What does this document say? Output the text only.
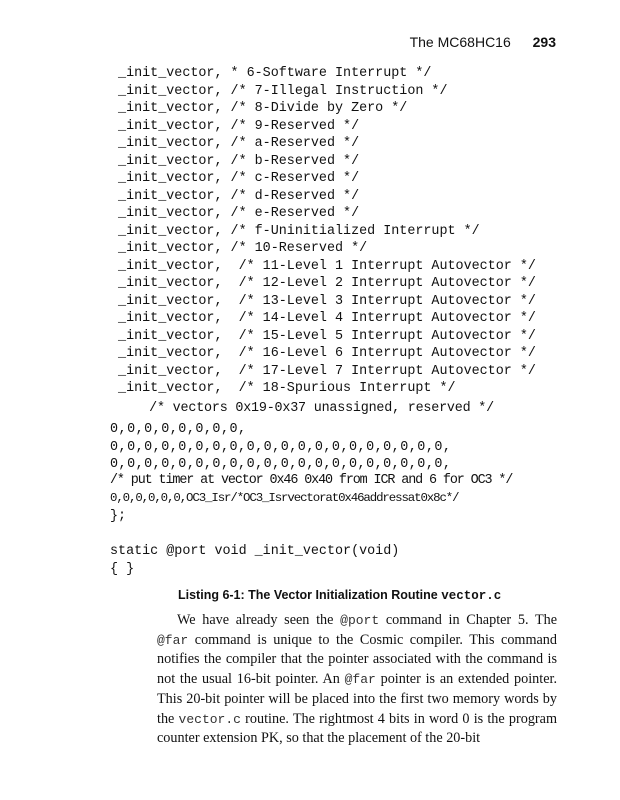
The MC68HC16 293

_init_vector, * 6-Software Interrupt */

_init_vector, /* 7-Illegal Instruction */

_init_vector, /* 8-Divide by Zero */

_init_vector, /* 9-Reserved */

_init_vector, /* a-Reserved */

_init_vector, /* b-Reserved */

_init_vector, /* c-Reserved */

_init_vector, /* d-Reserved */

_init_vector, /* e-Reserved */

_init_vector, /* f-Uninitialized Interrupt */

_init_vector, /* 10-Reserved */

_init_vector,  /* 11-Level 1 Interrupt Autovector */

_init_vector,  /* 12-Level 2 Interrupt Autovector */

_init_vector,  /* 13-Level 3 Interrupt Autovector */

_init_vector,  /* 14-Level 4 Interrupt Autovector */

_init_vector,  /* 15-Level 5 Interrupt Autovector */

_init_vector,  /* 16-Level 6 Interrupt Autovector */

_init_vector,  /* 17-Level 7 Interrupt Autovector */

_init_vector,  /* 18-Spurious Interrupt */

/* vectors 0x19-0x37 unassigned, reserved */

0,0,0,0,0,0,0,0,

0,0,0,0,0,0,0,0,0,0,0,0,0,0,0,0,0,0,0,0,

0,0,0,0,0,0,0,0,0,0,0,0,0,0,0,0,0,0,0,0,

/* put timer at vector 0x46 0x40 from ICR and 6 for OC3 */

0,0,0,0,0,0,OC3_Isr/*OC3_Isrvectorat0x46addressat0x8c*/

};

static @port void _init_vector(void)

{ }

Listing 6-1: The Vector Initialization Routine vector.c
We have already seen the @port command in Chapter 5. The @far command is unique to the Cosmic compiler. This command notifies the compiler that the pointer associated with the command is not the usual 16-bit pointer. An @far pointer is an extended pointer. This 20-bit pointer will be placed into the first two memory words by the vector.c routine. The rightmost 4 bits in word 0 is the program counter extension PK, so that the placement of the 20-bit
